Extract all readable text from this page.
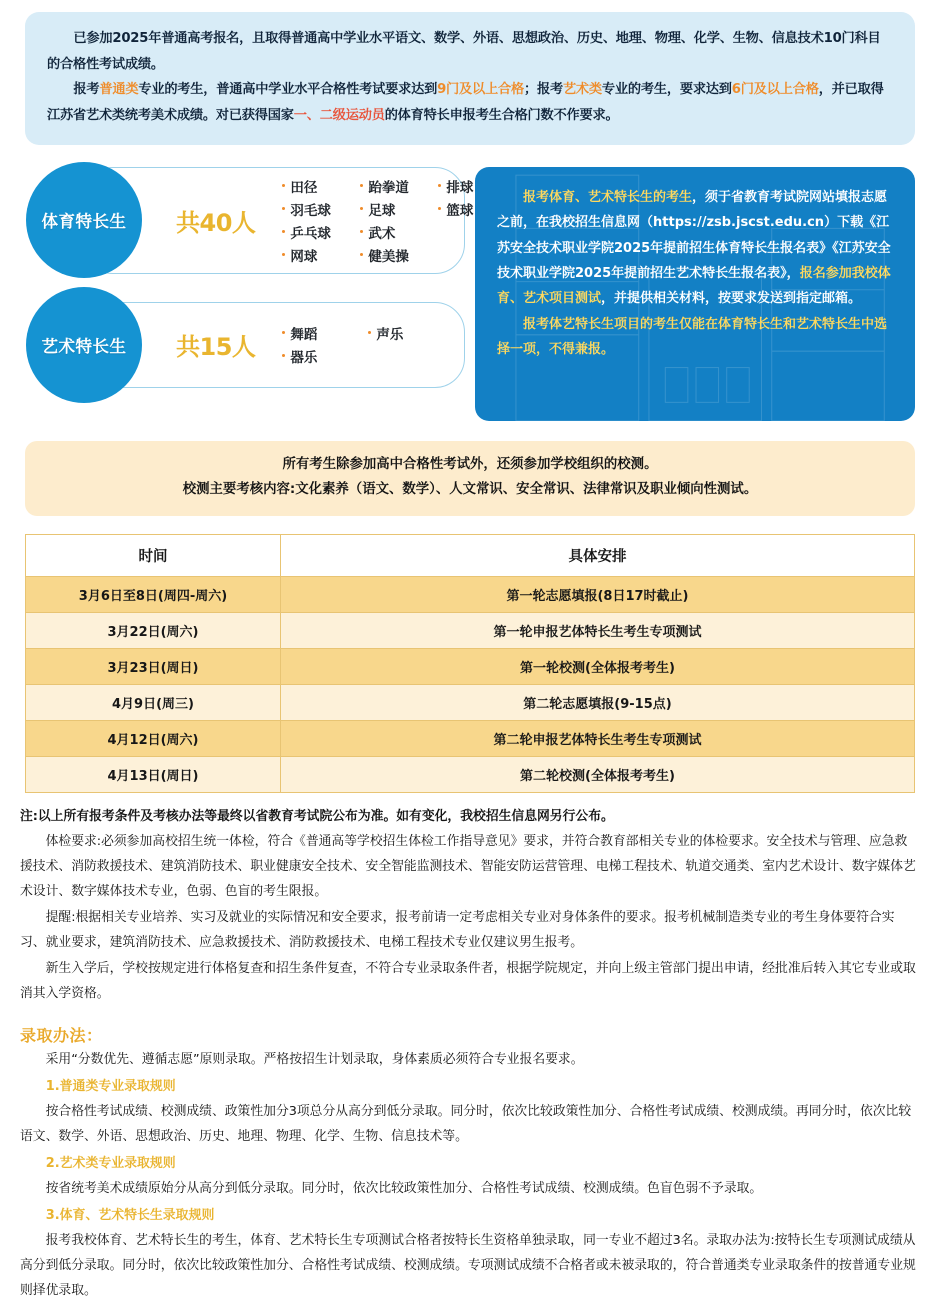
已参加2025年普通高考报名，且取得普通高中学业水平语文、数学、外语、思想政治、历史、地理、物理、化学、生物、信息技术10门科目的合格性考试成绩。

报考普通类专业的考生，普通高中学业水平合格性考试要求达到9门及以上合格；报考艺术类专业的考生，要求达到6门及以上合格，并已取得江苏省艺术类统考美术成绩。对已获得国家一、二级运动员的体育特长申报考生合格门数不作要求。

体育特长生	共40人
田径	跆拳道	排球
羽毛球	足球	篮球
乒乓球	武术
网球	健美操
艺术特长生	共15人	舞蹈	声乐
器乐

报考体育、艺术特长生的考生，须于省教育考试院网站填报志愿之前，在我校招生信息网（https://zsb.jscst.edu.cn）下载《江苏安全技术职业学院2025年提前招生体育特长生报名表》《江苏安全技术职业学院2025年提前招生艺术特长生报名表》，报名参加我校体育、艺术项目测试，并提供相关材料，按要求发送到指定邮箱。

报考体艺特长生项目的考生仅能在体育特长生和艺术特长生中选择一项，不得兼报。

所有考生除参加高中合格性考试外，还须参加学校组织的校测。
校测主要考核内容:文化素养（语文、数学）、人文常识、安全常识、法律常识及职业倾向性测试。
时间	具体安排
3月6日至8日(周四-周六)	第一轮志愿填报(8日17时截止)
3月22日(周六)	第一轮申报艺体特长生考生专项测试
3月23日(周日)	第一轮校测(全体报考考生)
4月9日(周三)	第二轮志愿填报(9-15点)
4月12日(周六)	第二轮申报艺体特长生考生专项测试
4月13日(周日)	第二轮校测(全体报考考生)

注:以上所有报考条件及考核办法等最终以省教育考试院公布为准。如有变化，我校招生信息网另行公布。

体检要求:必须参加高校招生统一体检，符合《普通高等学校招生体检工作指导意见》要求，并符合教育部相关专业的体检要求。安全技术与管理、应急救援技术、消防救援技术、建筑消防技术、职业健康安全技术、安全智能监测技术、智能安防运营管理、电梯工程技术、轨道交通类、室内艺术设计、数字媒体艺术设计、数字媒体技术专业，色弱、色盲的考生限报。

提醒:根据相关专业培养、实习及就业的实际情况和安全要求，报考前请一定考虑相关专业对身体条件的要求。报考机械制造类专业的考生身体要符合实习、就业要求，建筑消防技术、应急救援技术、消防救援技术、电梯工程技术专业仅建议男生报考。

新生入学后，学校按规定进行体格复查和招生条件复查，不符合专业录取条件者，根据学院规定，并向上级主管部门提出申请，经批准后转入其它专业或取消其入学资格。

录取办法：

采用“分数优先、遵循志愿”原则录取。严格按招生计划录取，身体素质必须符合专业报名要求。

1.普通类专业录取规则

按合格性考试成绩、校测成绩、政策性加分3项总分从高分到低分录取。同分时，依次比较政策性加分、合格性考试成绩、校测成绩。再同分时，依次比较语文、数学、外语、思想政治、历史、地理、物理、化学、生物、信息技术等。

2.艺术类专业录取规则

按省统考美术成绩原始分从高分到低分录取。同分时，依次比较政策性加分、合格性考试成绩、校测成绩。色盲色弱不予录取。

3.体育、艺术特长生录取规则

报考我校体育、艺术特长生的考生，体育、艺术特长生专项测试合格者按特长生资格单独录取，同一专业不超过3名。录取办法为:按特长生专项测试成绩从高分到低分录取。同分时，依次比较政策性加分、合格性考试成绩、校测成绩。专项测试成绩不合格者或未被录取的，符合普通类专业录取条件的按普通专业规则择优录取。
